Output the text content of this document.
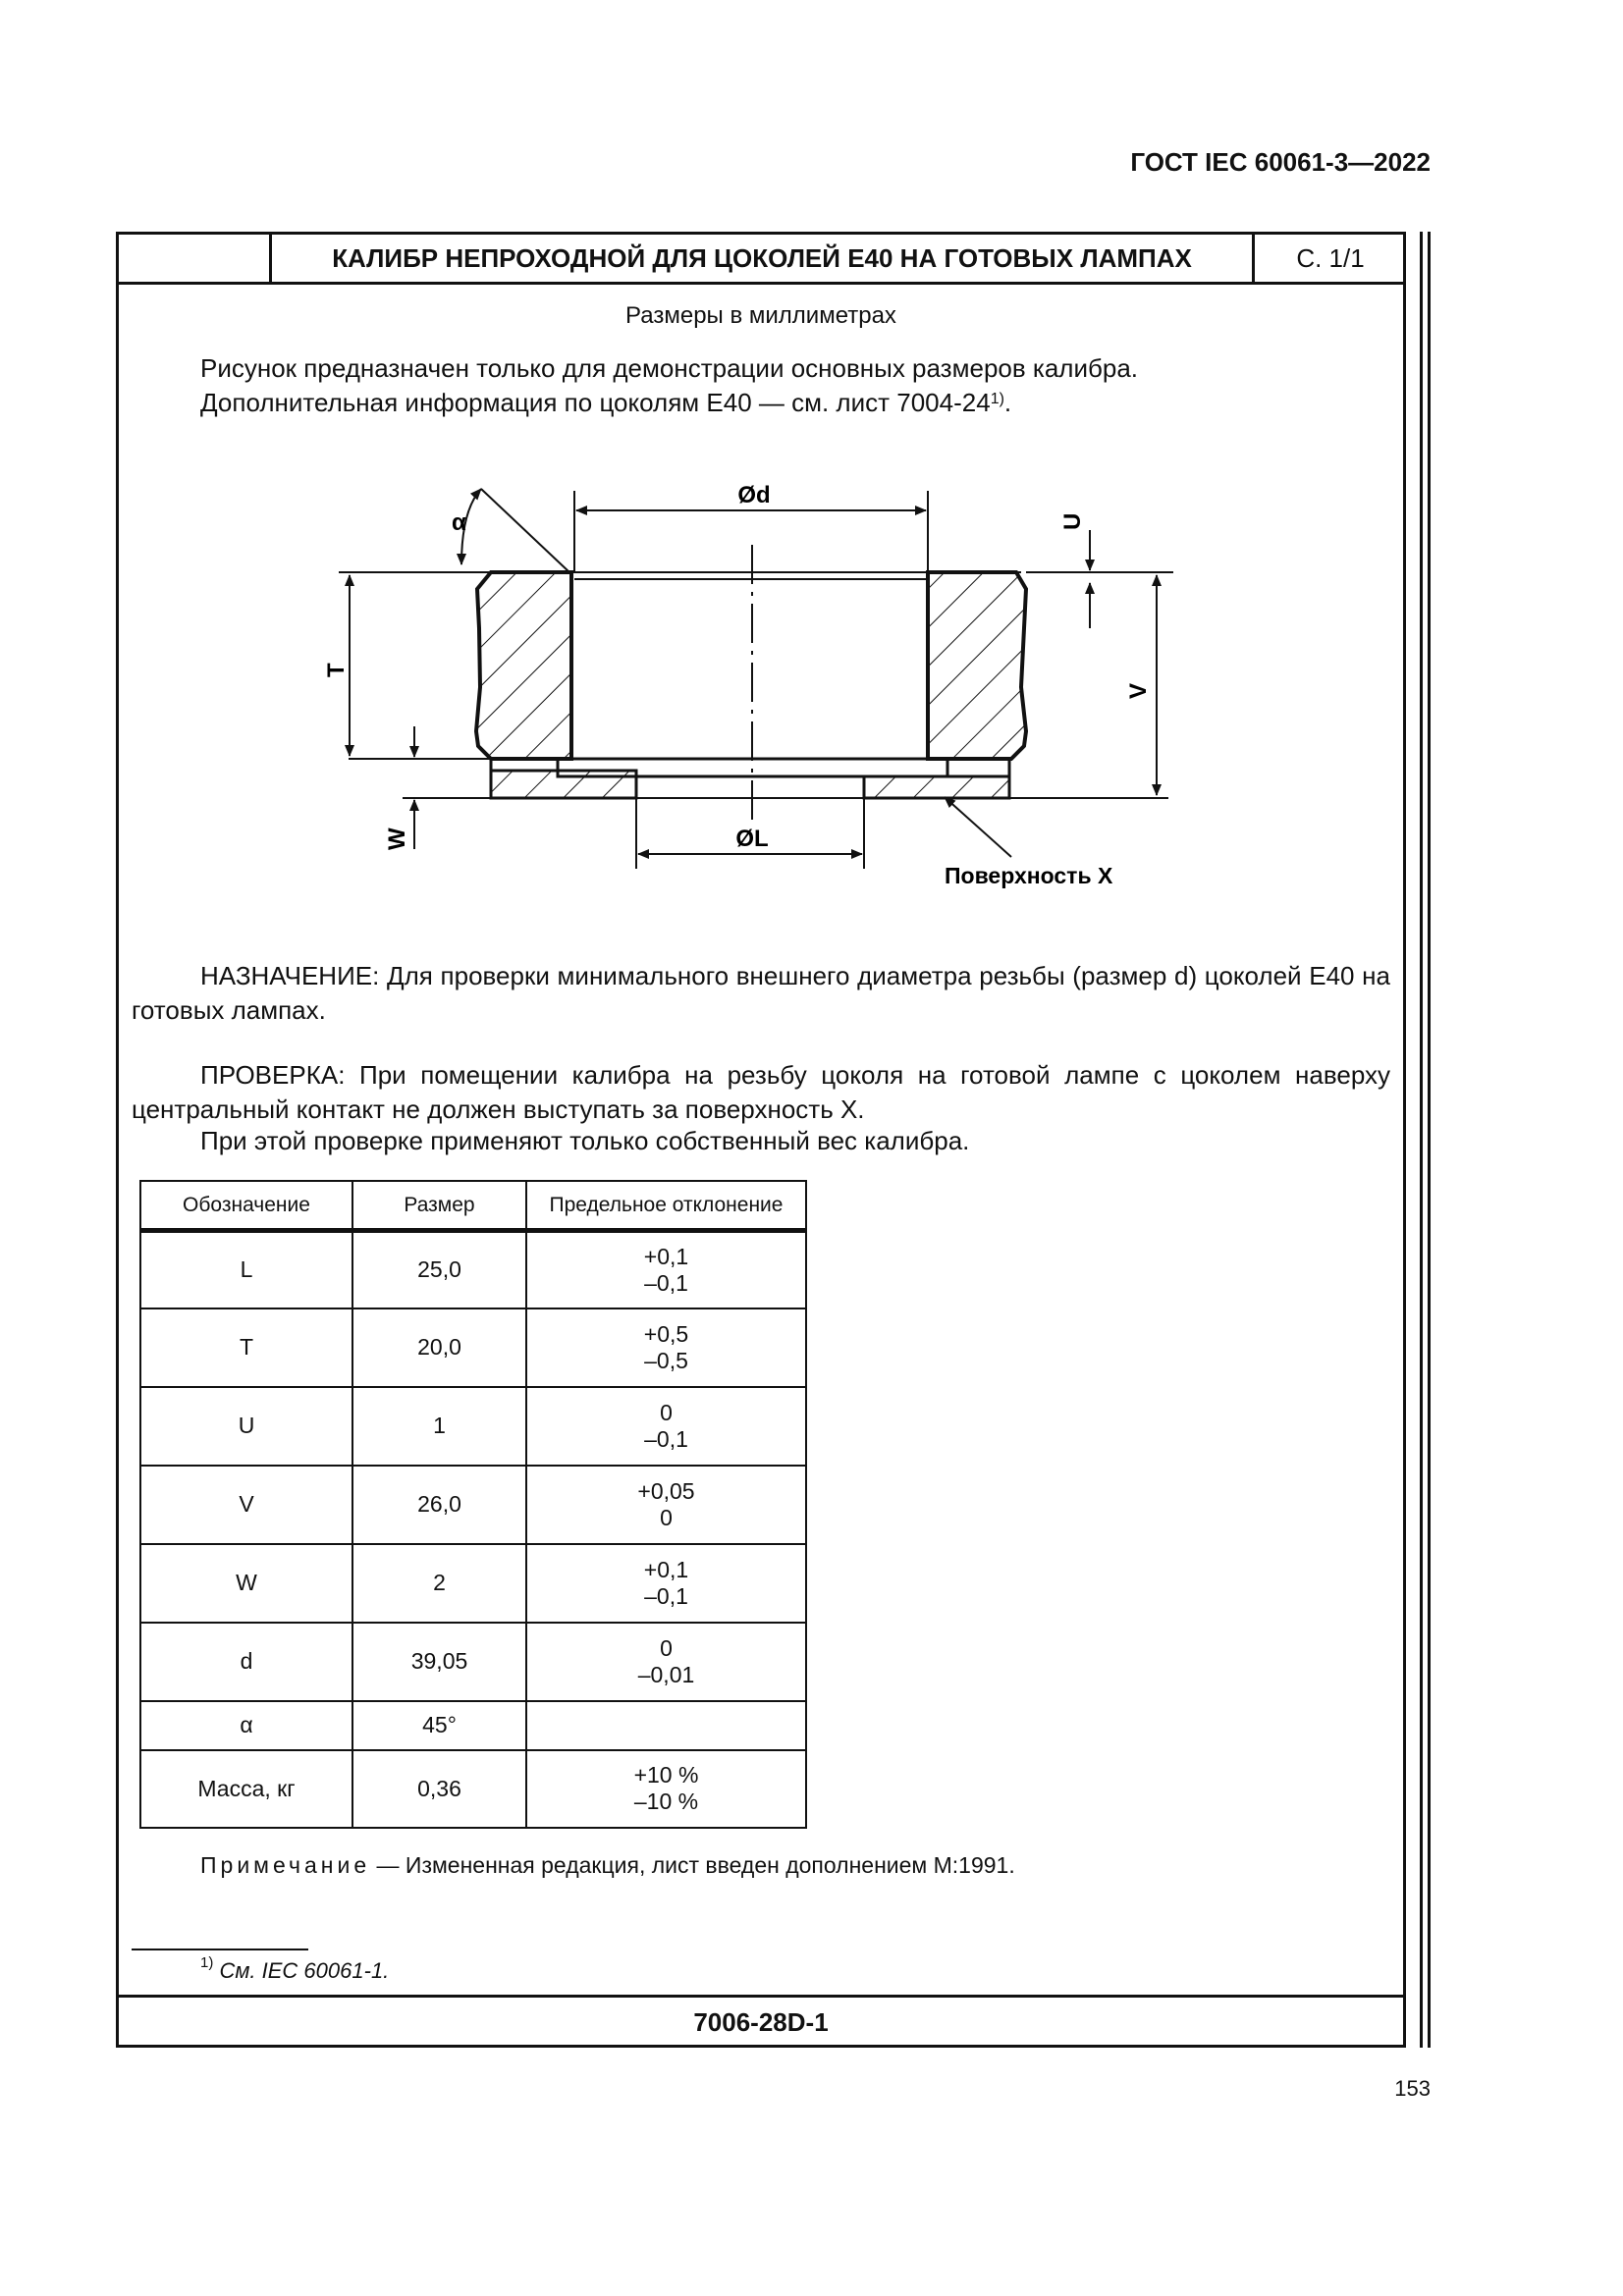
ГОСТ IEC 60061-3—2022
КАЛИБР НЕПРОХОДНОЙ ДЛЯ ЦОКОЛЕЙ Е40 НА ГОТОВЫХ ЛАМПАХ	С. 1/1
Размеры в миллиметрах
Рисунок предназначен только для демонстрации основных размеров калибра.
Дополнительная информация по цоколям Е40 — см. лист 7004-24$^{1)}$.
Ød
α	U
V
T
W	ØL
Поверхность X
НАЗНАЧЕНИЕ: Для проверки минимального внешнего диаметра резьбы (размер d) цоколей Е40 на готовых лампах.
ПРОВЕРКА: При помещении калибра на резьбу цоколя на готовой лампе с цоколем наверху центральный контакт не должен выступать за поверхность X.
При этой проверке применяют только собственный вес калибра.
Обозначение	Размер	Предельное отклонение
L	25,0	+0,1
–0,1

T	20,0	+0,5
–0,5

U	1	0
–0,1

V	26,0	+0,05
0

W	2	+0,1
–0,1

d	39,05	0
–0,01

α	45°	

Масса, кг	0,36	+10 %
–10 %
Примечание — Измененная редакция, лист введен дополнением М:1991.
$^{1)}$ См. IEC 60061-1.
7006-28D-1
153
